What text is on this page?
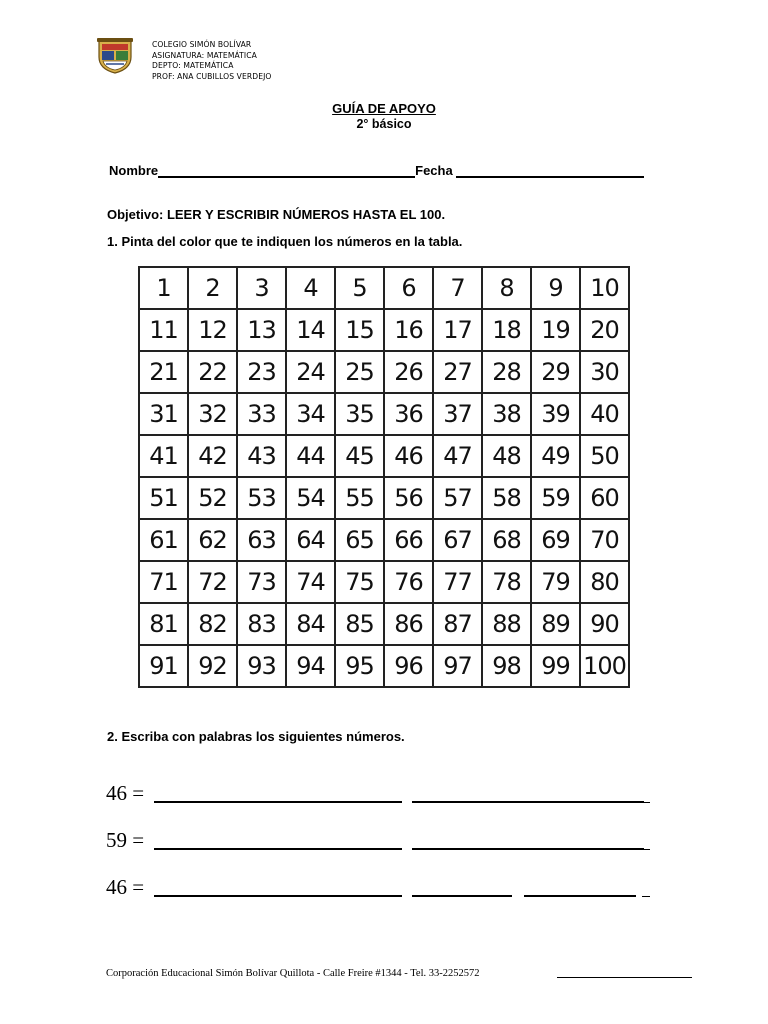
COLEGIO SIMÓN BOLÍVAR
ASIGNATURA: MATEMÁTICA
DEPTO: MATEMÁTICA
PROF: ANA CUBILLOS VERDEJO
GUÍA DE APOYO
2° básico
Nombre	Fecha
Objetivo: LEER Y ESCRIBIR NÚMEROS HASTA EL 100.
1. Pinta del color que te indiquen los números en la tabla.
1	2	3	4	5	6	7	8	9	10
11	12	13	14	15	16	17	18	19	20
21	22	23	24	25	26	27	28	29	30
31	32	33	34	35	36	37	38	39	40
41	42	43	44	45	46	47	48	49	50
51	52	53	54	55	56	57	58	59	60
61	62	63	64	65	66	67	68	69	70
71	72	73	74	75	76	77	78	79	80
81	82	83	84	85	86	87	88	89	90
91	92	93	94	95	96	97	98	99	100
2. Escriba con palabras los siguientes números.
46 =
59 =
46 =
Corporación Educacional Simón Bolívar Quillota - Calle Freire #1344 - Tel. 33-2252572
